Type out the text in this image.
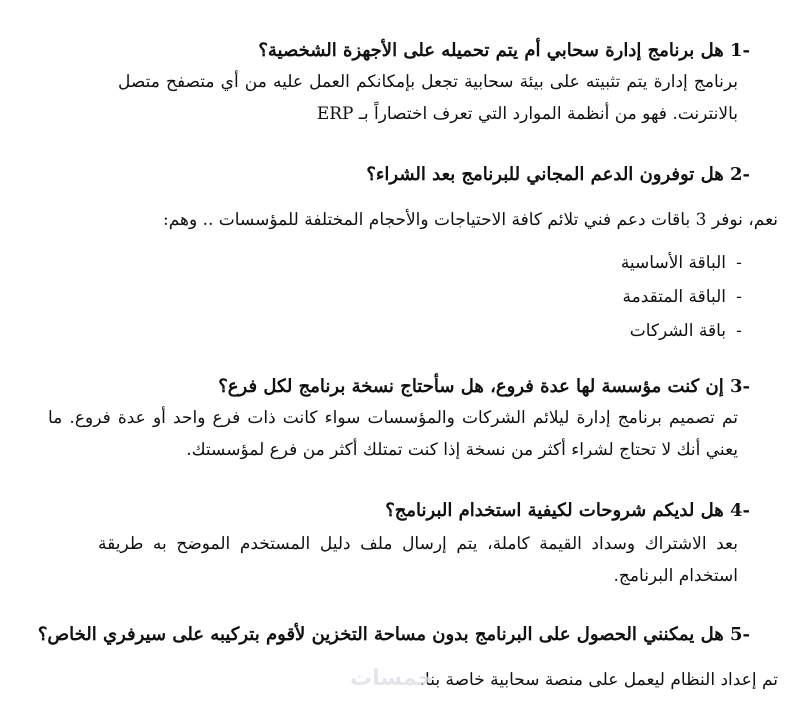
1- هل برنامج إدارة سحابي أم يتم تحميله على الأجهزة الشخصية؟
برنامج إدارة يتم تثبيته على بيئة سحابية تجعل بإمكانكم العمل عليه من أي متصفح متصل بالانترنت. فهو من أنظمة الموارد التي تعرف اختصاراً بـ ERP
2- هل توفرون الدعم المجاني للبرنامج بعد الشراء؟
نعم، نوفر 3 باقات دعم فني تلائم كافة الاحتياجات والأحجام المختلفة للمؤسسات .. وهم:
-الباقة الأساسية
-الباقة المتقدمة
-باقة الشركات
3- إن كنت مؤسسة لها عدة فروع، هل سأحتاج نسخة برنامج لكل فرع؟
تم تصميم برنامج إدارة ليلائم الشركات والمؤسسات سواء كانت ذات فرع واحد أو عدة فروع. ما يعني أنك لا تحتاج لشراء أكثر من نسخة إذا كنت تمتلك أكثر من فرع لمؤسستك.
4- هل لديكم شروحات لكيفية استخدام البرنامج؟
بعد الاشتراك وسداد القيمة كاملة، يتم إرسال ملف دليل المستخدم الموضح به طريقة استخدام البرنامج.
5- هل يمكنني الحصول على البرنامج بدون مساحة التخزين لأقوم بتركيبه على سيرفري الخاص؟
تم إعداد النظام ليعمل على منصة سحابية خاصة بنا.
خمسات
